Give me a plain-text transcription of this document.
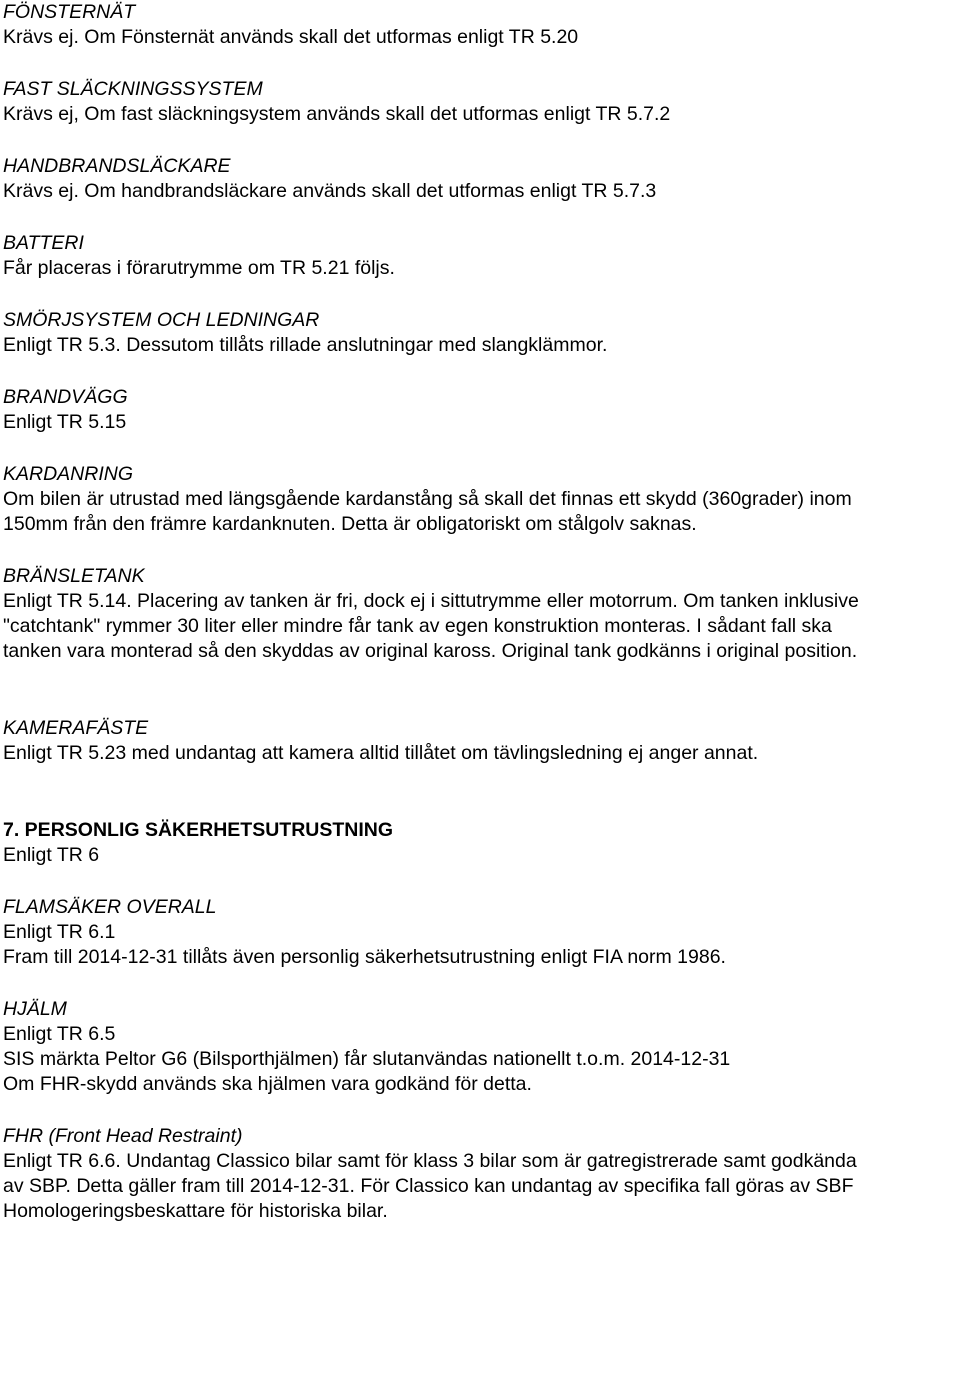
FÖNSTERNÄT
Krävs ej. Om Fönsternät används skall det utformas enligt TR 5.20
FAST SLÄCKNINGSSYSTEM
Krävs ej, Om fast släckningsystem används skall det utformas enligt TR 5.7.2
HANDBRANDSLÄCKARE
Krävs ej. Om handbrandsläckare används skall det utformas enligt TR 5.7.3
BATTERI
Får placeras i förarutrymme om TR 5.21 följs.
SMÖRJSYSTEM OCH LEDNINGAR
Enligt TR 5.3. Dessutom tillåts rillade anslutningar med slangklämmor.
BRANDVÄGG
Enligt TR 5.15
KARDANRING
Om bilen är utrustad med längsgående kardanstång så skall det finnas ett skydd (360grader) inom
150mm från den främre kardanknuten. Detta är obligatoriskt om stålgolv saknas.
BRÄNSLETANK
Enligt TR 5.14. Placering av tanken är fri, dock ej i sittutrymme eller motorrum. Om tanken inklusive
"catchtank" rymmer 30 liter eller mindre får tank av egen konstruktion monteras. I sådant fall ska
tanken vara monterad så den skyddas av original kaross. Original tank godkänns i original position.
KAMERAFÄSTE
Enligt TR 5.23 med undantag att kamera alltid tillåtet om tävlingsledning ej anger annat.
7. PERSONLIG SÄKERHETSUTRUSTNING
Enligt TR 6
FLAMSÄKER OVERALL
Enligt TR 6.1
Fram till 2014-12-31 tillåts även personlig säkerhetsutrustning enligt FIA norm 1986.
HJÄLM
Enligt TR 6.5
SIS märkta Peltor G6 (Bilsporthjälmen) får slutanvändas nationellt t.o.m. 2014-12-31
Om FHR-skydd används ska hjälmen vara godkänd för detta.
FHR (Front Head Restraint)
Enligt TR 6.6. Undantag Classico bilar samt för klass 3 bilar som är gatregistrerade samt godkända
av SBP. Detta gäller fram till 2014-12-31. För Classico kan undantag av specifika fall göras av SBF
Homologeringsbeskattare för historiska bilar.
